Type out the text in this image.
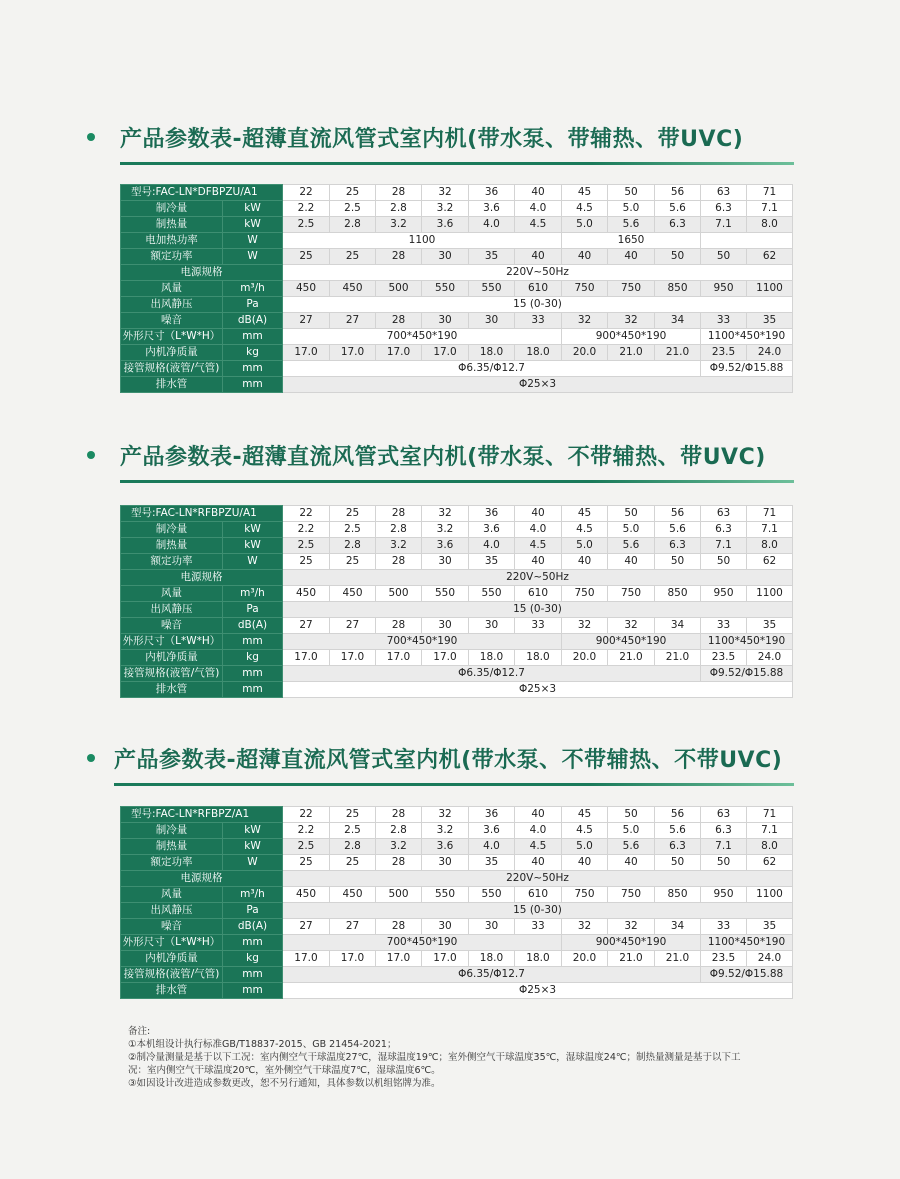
产品参数表-超薄直流风管式室内机(带水泵、带辅热、带UVC)
型号:FAC-LN*DFBPZU/A1		22	25	28	32	36	40	45	50	56	63	71
制冷量	kW	2.2	2.5	2.8	3.2	3.6	4.0	4.5	5.0	5.6	6.3	7.1
制热量	kW	2.5	2.8	3.2	3.6	4.0	4.5	5.0	5.6	6.3	7.1	8.0
电加热功率	W	1100						1650				
额定功率	W	25	25	28	30	35	40	40	40	50	50	62
电源规格		220V~50Hz										
风量	m³/h	450	450	500	550	550	610	750	750	850	950	1100
出风静压	Pa	15 (0-30)										
噪音	dB(A)	27	27	28	30	30	33	32	32	34	33	35
外形尺寸（L*W*H）	mm	700*450*190						900*450*190			1100*450*190	
内机净质量	kg	17.0	17.0	17.0	17.0	18.0	18.0	20.0	21.0	21.0	23.5	24.0
接管规格(液管/气管)	mm	Φ6.35/Φ12.7									Φ9.52/Φ15.88	
排水管	mm	Φ25×3										
产品参数表-超薄直流风管式室内机(带水泵、不带辅热、带UVC)
型号:FAC-LN*RFBPZU/A1		22	25	28	32	36	40	45	50	56	63	71
制冷量	kW	2.2	2.5	2.8	3.2	3.6	4.0	4.5	5.0	5.6	6.3	7.1
制热量	kW	2.5	2.8	3.2	3.6	4.0	4.5	5.0	5.6	6.3	7.1	8.0
额定功率	W	25	25	28	30	35	40	40	40	50	50	62
电源规格		220V~50Hz										
风量	m³/h	450	450	500	550	550	610	750	750	850	950	1100
出风静压	Pa	15 (0-30)										
噪音	dB(A)	27	27	28	30	30	33	32	32	34	33	35
外形尺寸（L*W*H）	mm	700*450*190						900*450*190			1100*450*190	
内机净质量	kg	17.0	17.0	17.0	17.0	18.0	18.0	20.0	21.0	21.0	23.5	24.0
接管规格(液管/气管)	mm	Φ6.35/Φ12.7									Φ9.52/Φ15.88	
排水管	mm	Φ25×3										
产品参数表-超薄直流风管式室内机(带水泵、不带辅热、不带UVC)
型号:FAC-LN*RFBPZ/A1		22	25	28	32	36	40	45	50	56	63	71
制冷量	kW	2.2	2.5	2.8	3.2	3.6	4.0	4.5	5.0	5.6	6.3	7.1
制热量	kW	2.5	2.8	3.2	3.6	4.0	4.5	5.0	5.6	6.3	7.1	8.0
额定功率	W	25	25	28	30	35	40	40	40	50	50	62
电源规格		220V~50Hz										
风量	m³/h	450	450	500	550	550	610	750	750	850	950	1100
出风静压	Pa	15 (0-30)										
噪音	dB(A)	27	27	28	30	30	33	32	32	34	33	35
外形尺寸（L*W*H）	mm	700*450*190						900*450*190			1100*450*190	
内机净质量	kg	17.0	17.0	17.0	17.0	18.0	18.0	20.0	21.0	21.0	23.5	24.0
接管规格(液管/气管)	mm	Φ6.35/Φ12.7									Φ9.52/Φ15.88	
排水管	mm	Φ25×3										
备注:
①本机组设计执行标准GB/T18837-2015、GB 21454-2021；
②制冷量测量是基于以下工况：室内侧空气干球温度27℃，湿球温度19℃；室外侧空气干球温度35℃，湿球温度24℃；制热量测量是基于以下工
况：室内侧空气干球温度20℃，室外侧空气干球温度7℃，湿球温度6℃。
③如因设计改进造成参数更改，恕不另行通知，具体参数以机组铭牌为准。
